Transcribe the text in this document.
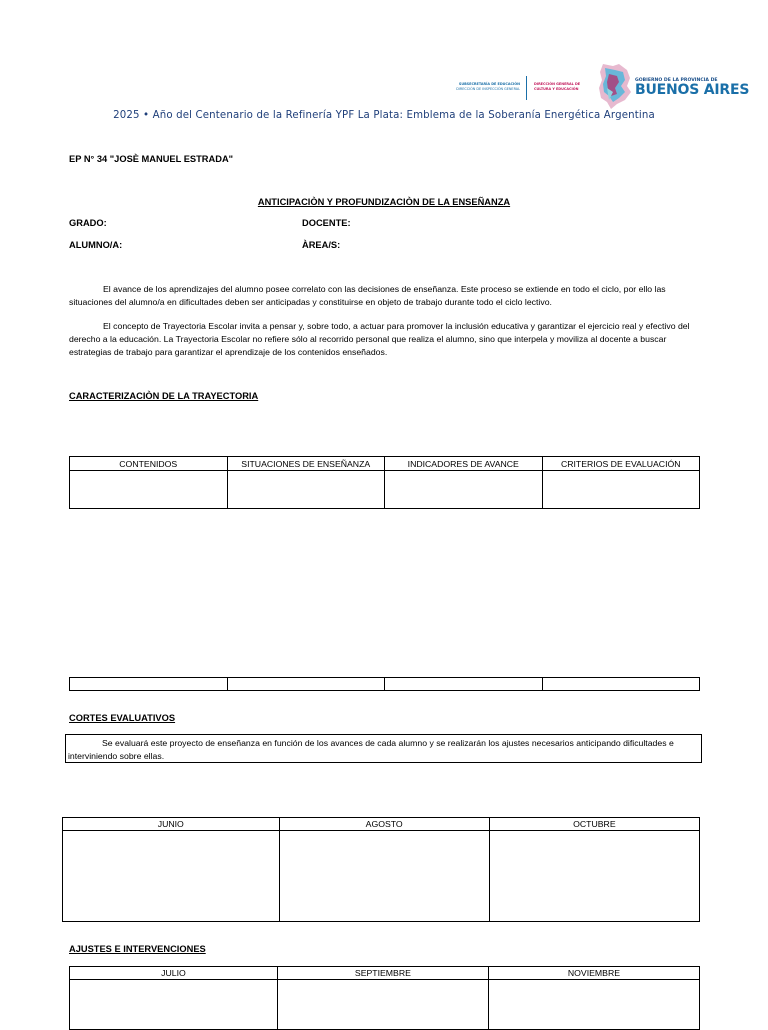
SUBSECRETARÍA DE EDUCACIÓN
DIRECCIÓN DE INSPECCIÓN GENERAL
DIRECCIÓN GENERAL DE
CULTURA Y EDUCACIÓN
GOBIERNO DE LA PROVINCIA DE
BUENOS AIRES
2025 • Año del Centenario de la Refinería YPF La Plata: Emblema de la Soberanía Energética Argentina
EP N° 34 "JOSÈ MANUEL ESTRADA"
ANTICIPACIÒN Y PROFUNDIZACIÒN DE LA ENSEÑANZA
GRADO:	DOCENTE:
ALUMNO/A:	ÀREA/S:
El avance de los aprendizajes del alumno posee correlato con las decisiones de enseñanza. Este proceso se extiende en todo el ciclo, por ello las situaciones del alumno/a en dificultades deben ser anticipadas y constituirse en objeto de trabajo durante todo el ciclo lectivo.
El concepto de Trayectoria Escolar invita a pensar y, sobre todo, a actuar para promover la inclusión educativa y garantizar el ejercicio real y efectivo del derecho a la educación. La Trayectoria Escolar no refiere sólo al recorrido personal que realiza el alumno, sino que interpela y moviliza al docente a buscar estrategias de trabajo para garantizar el aprendizaje de los contenidos enseñados.
CARACTERIZACIÒN DE LA TRAYECTORIA
CONTENIDOS	SITUACIONES DE ENSEÑANZA	INDICADORES DE AVANCE	CRITERIOS DE EVALUACIÓN

CORTES EVALUATIVOS
Se evaluará este proyecto de enseñanza en función de los avances de cada alumno y se realizarán los ajustes necesarios anticipando dificultades e interviniendo sobre ellas.
JUNIO	AGOSTO	OCTUBRE

AJUSTES E INTERVENCIONES
JULIO	SEPTIEMBRE	NOVIEMBRE
